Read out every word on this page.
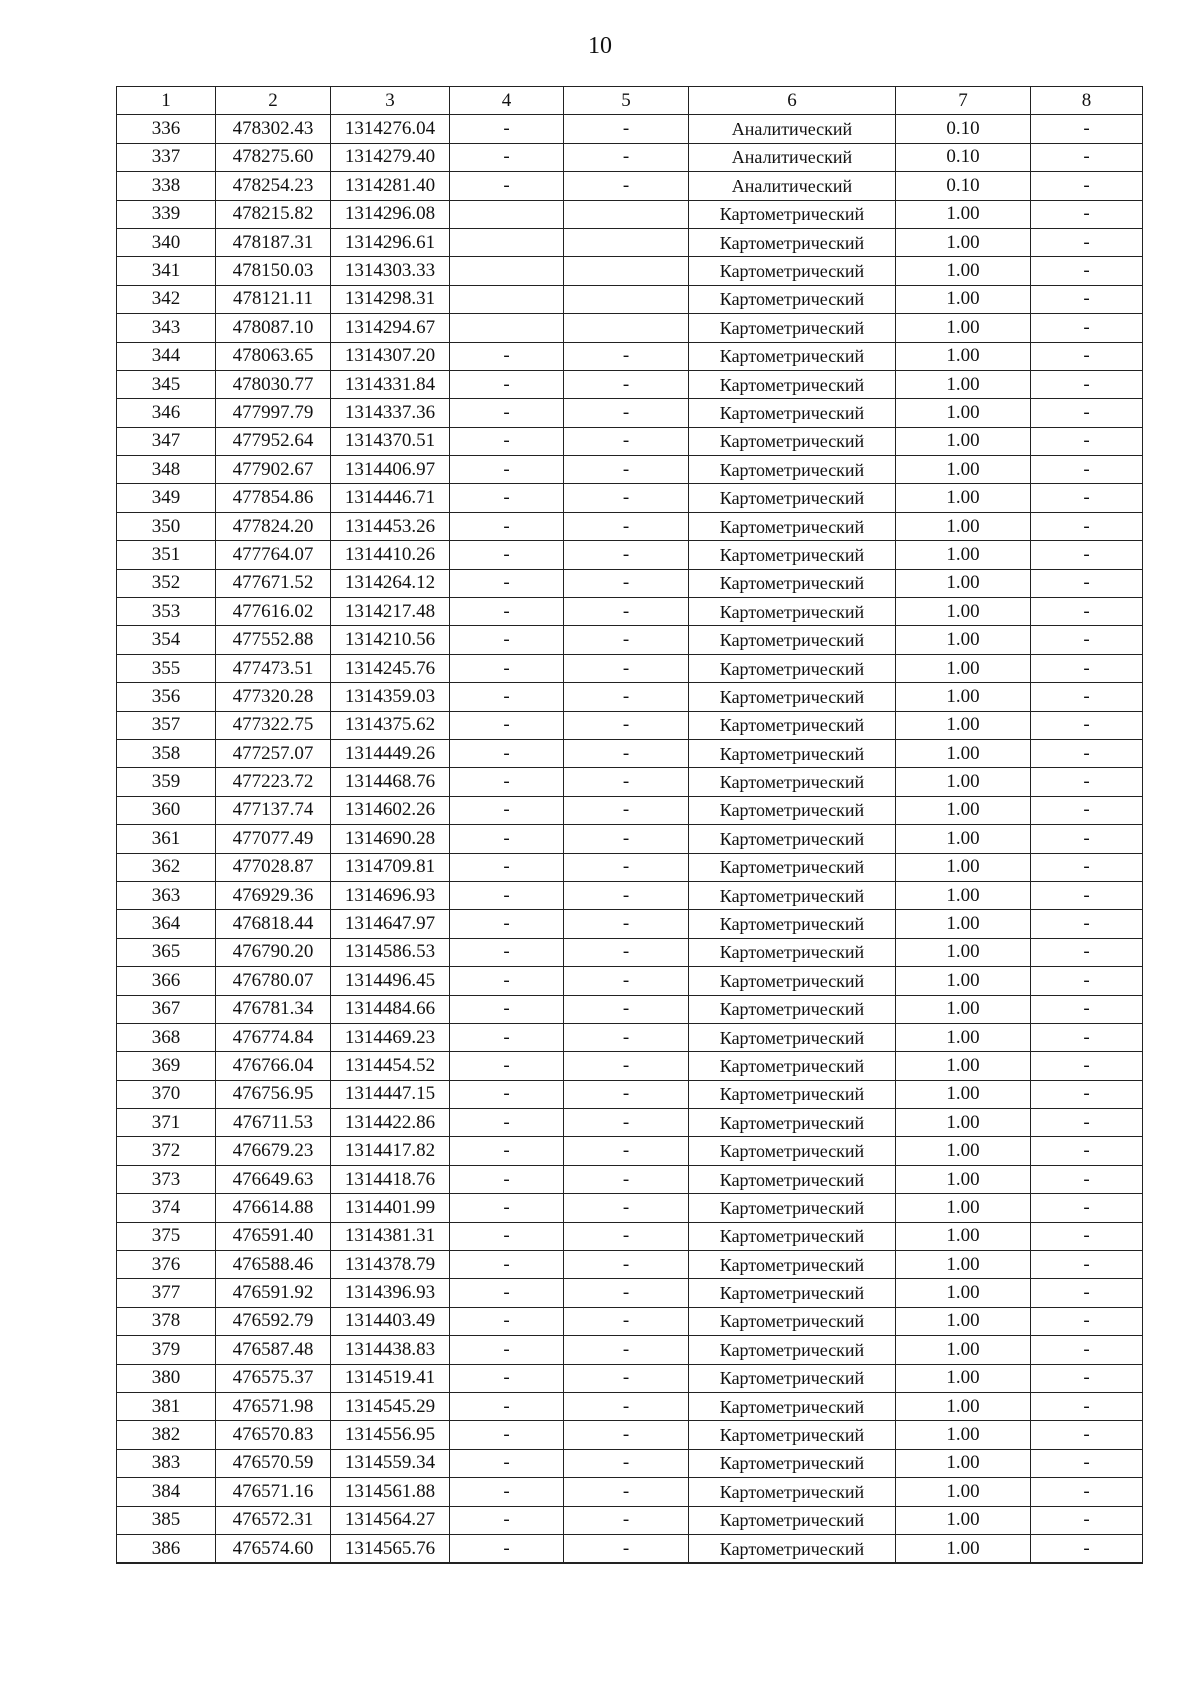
10
1	2	3	4	5	6	7	8
336	478302.43	1314276.04	-	-	Аналитический	0.10	-
337	478275.60	1314279.40	-	-	Аналитический	0.10	-
338	478254.23	1314281.40	-	-	Аналитический	0.10	-
339	478215.82	1314296.08			Картометрический	1.00	-
340	478187.31	1314296.61			Картометрический	1.00	-
341	478150.03	1314303.33			Картометрический	1.00	-
342	478121.11	1314298.31			Картометрический	1.00	-
343	478087.10	1314294.67			Картометрический	1.00	-
344	478063.65	1314307.20	-	-	Картометрический	1.00	-
345	478030.77	1314331.84	-	-	Картометрический	1.00	-
346	477997.79	1314337.36	-	-	Картометрический	1.00	-
347	477952.64	1314370.51	-	-	Картометрический	1.00	-
348	477902.67	1314406.97	-	-	Картометрический	1.00	-
349	477854.86	1314446.71	-	-	Картометрический	1.00	-
350	477824.20	1314453.26	-	-	Картометрический	1.00	-
351	477764.07	1314410.26	-	-	Картометрический	1.00	-
352	477671.52	1314264.12	-	-	Картометрический	1.00	-
353	477616.02	1314217.48	-	-	Картометрический	1.00	-
354	477552.88	1314210.56	-	-	Картометрический	1.00	-
355	477473.51	1314245.76	-	-	Картометрический	1.00	-
356	477320.28	1314359.03	-	-	Картометрический	1.00	-
357	477322.75	1314375.62	-	-	Картометрический	1.00	-
358	477257.07	1314449.26	-	-	Картометрический	1.00	-
359	477223.72	1314468.76	-	-	Картометрический	1.00	-
360	477137.74	1314602.26	-	-	Картометрический	1.00	-
361	477077.49	1314690.28	-	-	Картометрический	1.00	-
362	477028.87	1314709.81	-	-	Картометрический	1.00	-
363	476929.36	1314696.93	-	-	Картометрический	1.00	-
364	476818.44	1314647.97	-	-	Картометрический	1.00	-
365	476790.20	1314586.53	-	-	Картометрический	1.00	-
366	476780.07	1314496.45	-	-	Картометрический	1.00	-
367	476781.34	1314484.66	-	-	Картометрический	1.00	-
368	476774.84	1314469.23	-	-	Картометрический	1.00	-
369	476766.04	1314454.52	-	-	Картометрический	1.00	-
370	476756.95	1314447.15	-	-	Картометрический	1.00	-
371	476711.53	1314422.86	-	-	Картометрический	1.00	-
372	476679.23	1314417.82	-	-	Картометрический	1.00	-
373	476649.63	1314418.76	-	-	Картометрический	1.00	-
374	476614.88	1314401.99	-	-	Картометрический	1.00	-
375	476591.40	1314381.31	-	-	Картометрический	1.00	-
376	476588.46	1314378.79	-	-	Картометрический	1.00	-
377	476591.92	1314396.93	-	-	Картометрический	1.00	-
378	476592.79	1314403.49	-	-	Картометрический	1.00	-
379	476587.48	1314438.83	-	-	Картометрический	1.00	-
380	476575.37	1314519.41	-	-	Картометрический	1.00	-
381	476571.98	1314545.29	-	-	Картометрический	1.00	-
382	476570.83	1314556.95	-	-	Картометрический	1.00	-
383	476570.59	1314559.34	-	-	Картометрический	1.00	-
384	476571.16	1314561.88	-	-	Картометрический	1.00	-
385	476572.31	1314564.27	-	-	Картометрический	1.00	-
386	476574.60	1314565.76	-	-	Картометрический	1.00	-
